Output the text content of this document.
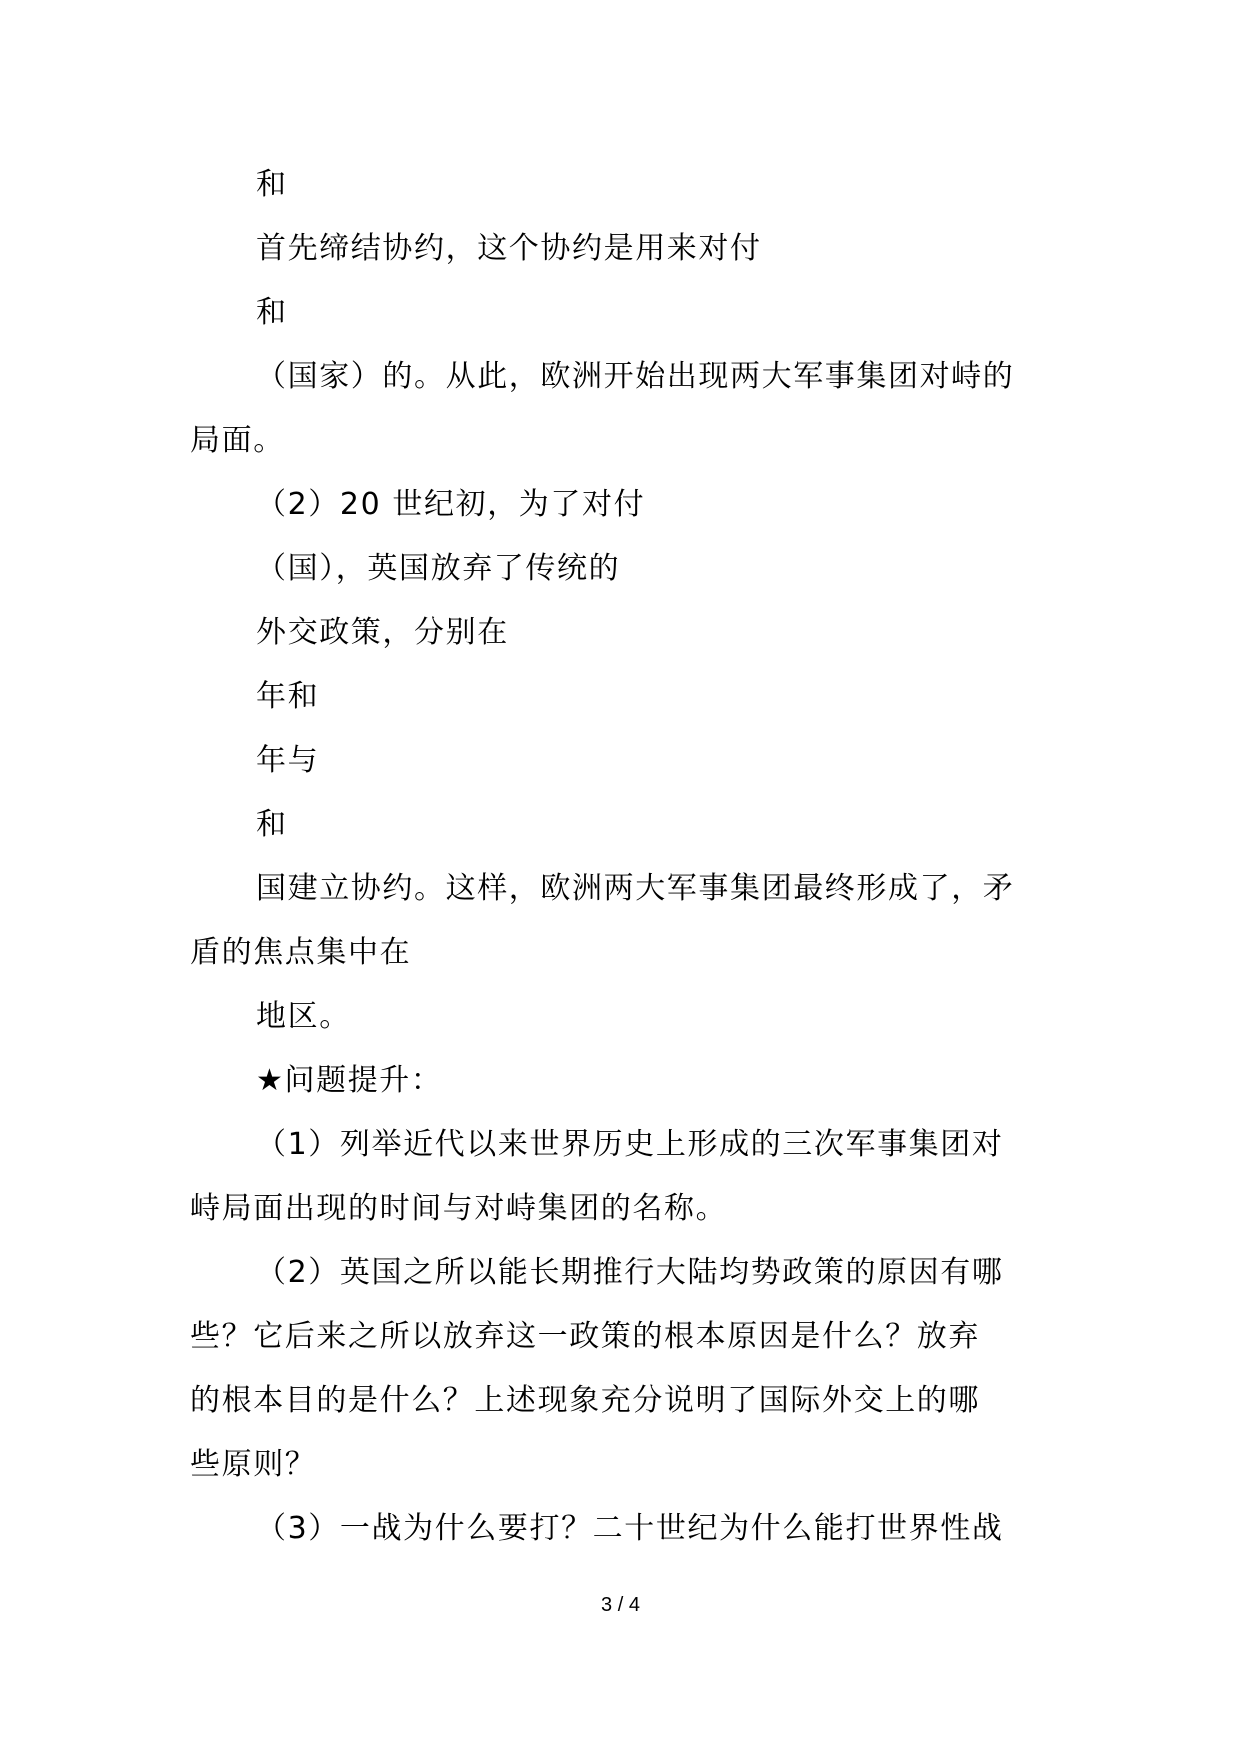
和

首先缔结协约，这个协约是用来对付

和

（国家）的。从此，欧洲开始出现两大军事集团对峙的

局面。

（2）20 世纪初，为了对付

（国），英国放弃了传统的

外交政策，分别在

年和

年与

和

国建立协约。这样，欧洲两大军事集团最终形成了，矛

盾的焦点集中在

地区。

★问题提升：

（1）列举近代以来世界历史上形成的三次军事集团对

峙局面出现的时间与对峙集团的名称。

（2）英国之所以能长期推行大陆均势政策的原因有哪

些？它后来之所以放弃这一政策的根本原因是什么？放弃

的根本目的是什么？上述现象充分说明了国际外交上的哪

些原则？

（3）一战为什么要打？二十世纪为什么能打世界性战

3 / 4
